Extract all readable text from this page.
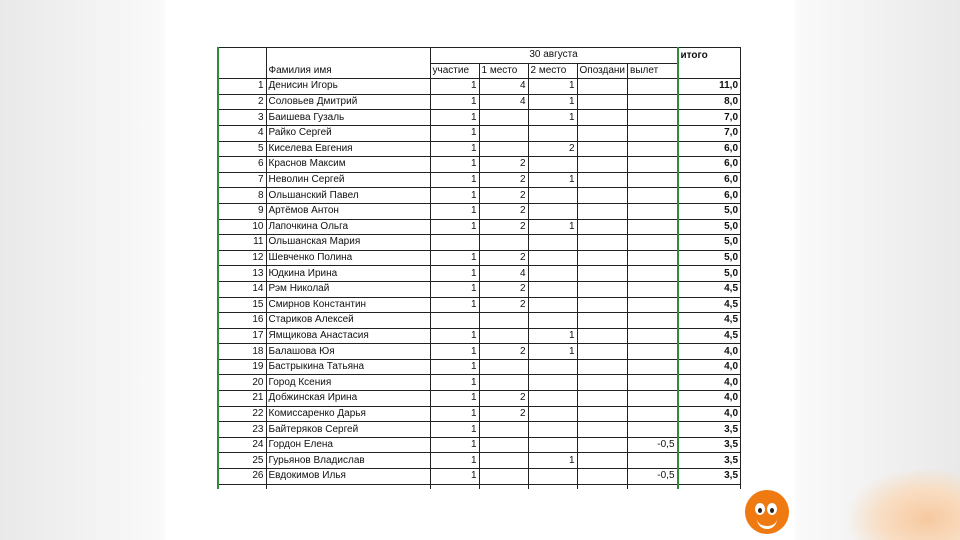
		30 августа					итого
	Фамилия имя	участие	1 место	2 место	Опоздани	вылет	
1	Денисин Игорь	1	4	1			11,0
2	Соловьев Дмитрий	1	4	1			8,0
3	Баишева Гузаль	1		1			7,0
4	Райко Сергей	1					7,0
5	Киселева Евгения	1		2			6,0
6	Краснов Максим	1	2				6,0
7	Неволин Сергей	1	2	1			6,0
8	Ольшанский Павел	1	2				6,0
9	Артёмов Антон	1	2				5,0
10	Лапочкина Ольга	1	2	1			5,0
11	Ольшанская Мария						5,0
12	Шевченко Полина	1	2				5,0
13	Юдкина Ирина	1	4				5,0
14	Рэм Николай	1	2				4,5
15	Смирнов Константин	1	2				4,5
16	Стариков Алексей						4,5
17	Ямщикова Анастасия	1		1			4,5
18	Балашова Юя	1	2	1			4,0
19	Бастрыкина Татьяна	1					4,0
20	Город Ксения	1					4,0
21	Добжинская Ирина	1	2				4,0
22	Комиссаренко Дарья	1	2				4,0
23	Байтеряков Сергей	1					3,5
24	Гордон Елена	1				-0,5	3,5
25	Гурьянов Владислав	1		1			3,5
26	Евдокимов Илья	1				-0,5	3,5
